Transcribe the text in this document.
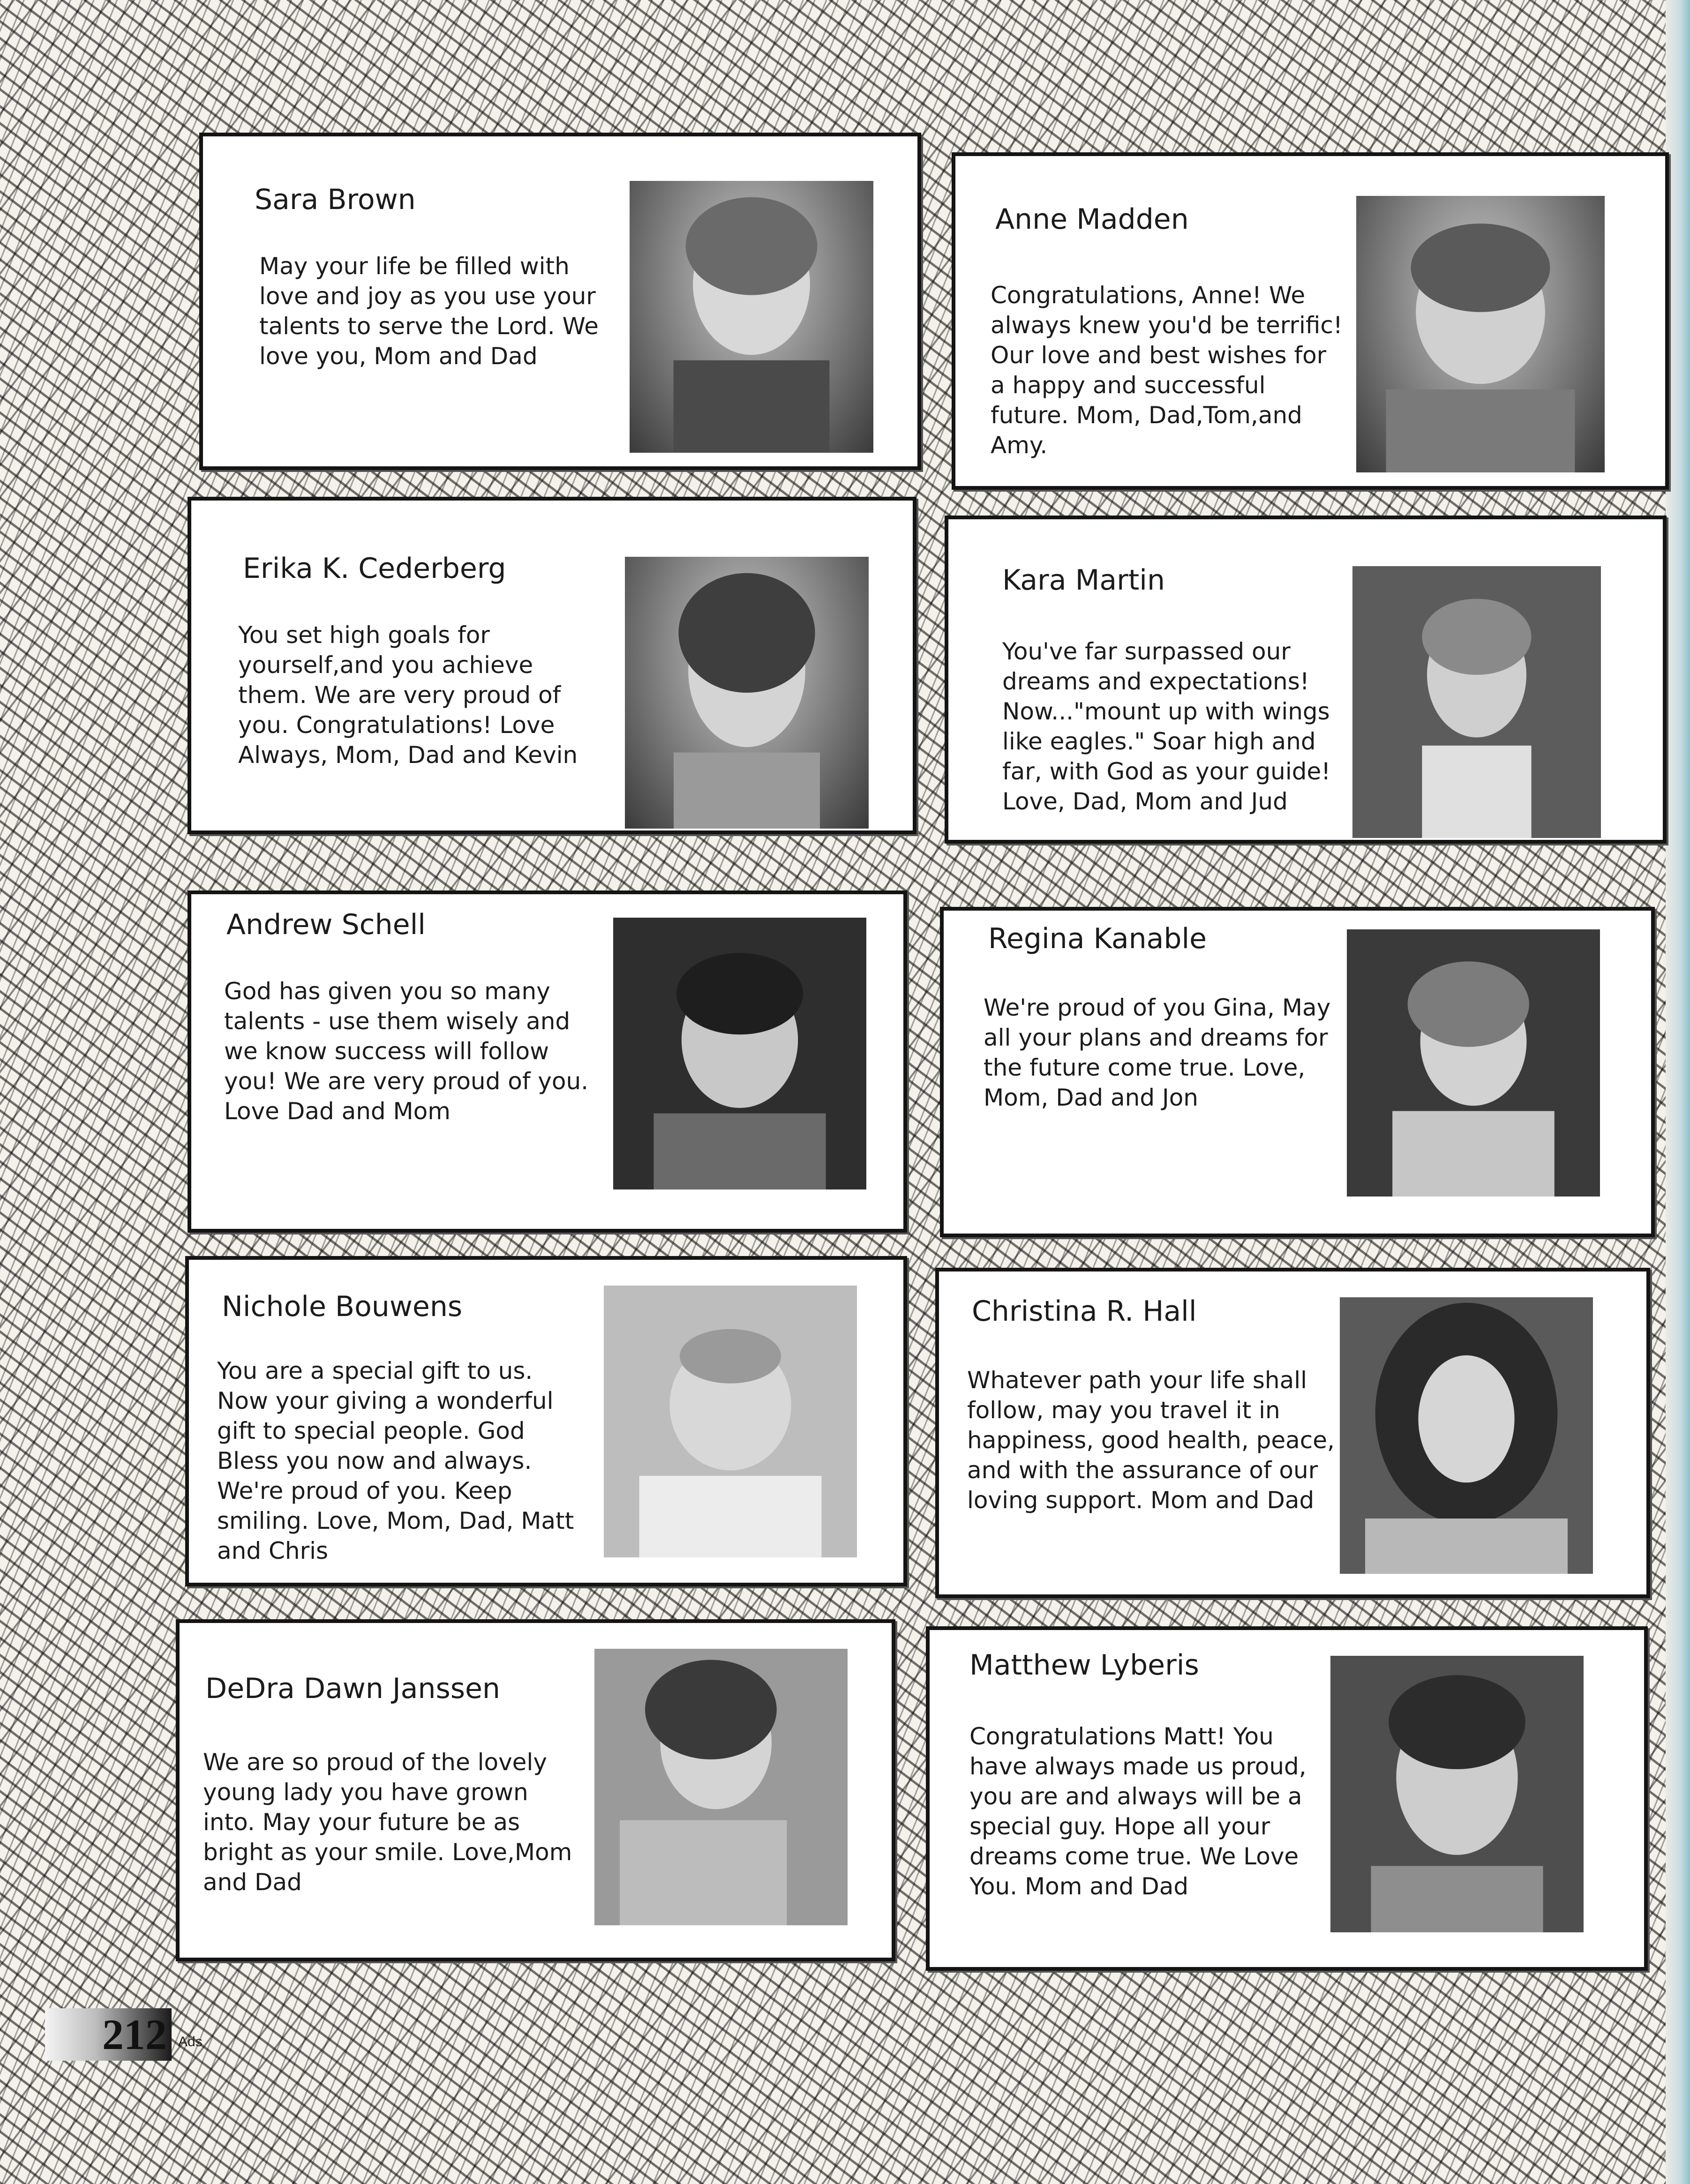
Sara Brown

May your life be filled with love and joy as you use your talents to serve the Lord. We love you, Mom and Dad

Anne Madden

Congratulations, Anne! We always knew you'd be terrific! Our love and best wishes for a happy and successful future. Mom, Dad,Tom,and Amy.

Erika K. Cederberg

You set high goals for yourself,and you achieve them. We are very proud of you. Congratulations! Love Always, Mom, Dad and Kevin

Kara Martin

You've far surpassed our dreams and expectations! Now..."mount up with wings like eagles." Soar high and far, with God as your guide! Love, Dad, Mom and Jud

Andrew Schell

God has given you so many talents - use them wisely and we know success will follow you! We are very proud of you. Love Dad and Mom

Regina Kanable

We're proud of you Gina, May all your plans and dreams for the future come true. Love, Mom, Dad and Jon

Nichole Bouwens

You are a special gift to us. Now your giving a wonderful gift to special people. God Bless you now and always. We're proud of you. Keep smiling. Love, Mom, Dad, Matt and Chris

Christina R. Hall

Whatever path your life shall follow, may you travel it in happiness, good health, peace, and with the assurance of our loving support. Mom and Dad

DeDra Dawn Janssen

We are so proud of the lovely young lady you have grown into. May your future be as bright as your smile. Love,Mom and Dad

Matthew Lyberis

Congratulations Matt! You have always made us proud, you are and always will be a special guy. Hope all your dreams come true. We Love You. Mom and Dad

212 Ads
